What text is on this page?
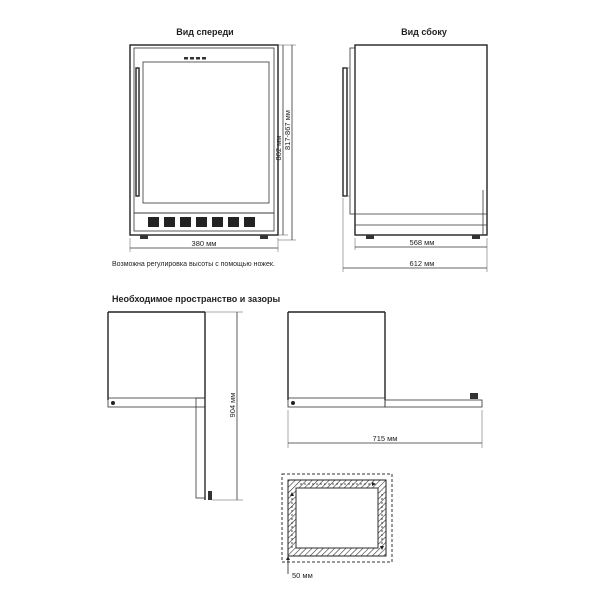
Вид спереди
380 мм
802 мм 817-867 мм
Возможна регулировка высоты с помощью ножек.
Вид сбоку
568 мм
612 мм
Необходимое пространство и зазоры
904 мм
715 мм
50 мм
